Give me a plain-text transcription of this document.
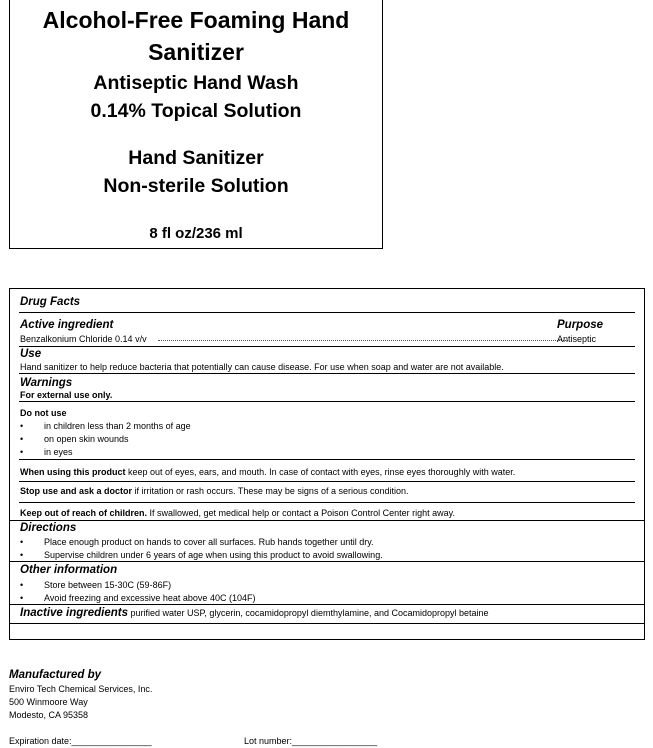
Alcohol-Free Foaming Hand
Sanitizer
Antiseptic Hand Wash
0.14% Topical Solution
Hand Sanitizer
Non-sterile Solution
8 fl oz/236 ml
Drug Facts
Active ingredient	Purpose
Benzalkonium Chloride 0.14 v/v	Antiseptic
Use
Hand sanitizer to help reduce bacteria that potentially can cause disease. For use when soap and water are not available.
Warnings
For external use only.
Do not use
• in children less than 2 months of age
• on open skin wounds
• in eyes
When using this product keep out of eyes, ears, and mouth. In case of contact with eyes, rinse eyes thoroughly with water.
Stop use and ask a doctor if irritation or rash occurs. These may be signs of a serious condition.
Keep out of reach of children. If swallowed, get medical help or contact a Poison Control Center right away.
Directions
• Place enough product on hands to cover all surfaces. Rub hands together until dry.
• Supervise children under 6 years of age when using this product to avoid swallowing.
Other information
• Store between 15-30C (59-86F)
• Avoid freezing and excessive heat above 40C (104F)
Inactive ingredients purified water USP, glycerin, cocamidopropyl diemthylamine, and Cocamidopropyl betaine
Manufactured by
Enviro Tech Chemical Services, Inc.
500 Winmoore Way
Modesto, CA 95358
Expiration date:________________	Lot number:_________________
